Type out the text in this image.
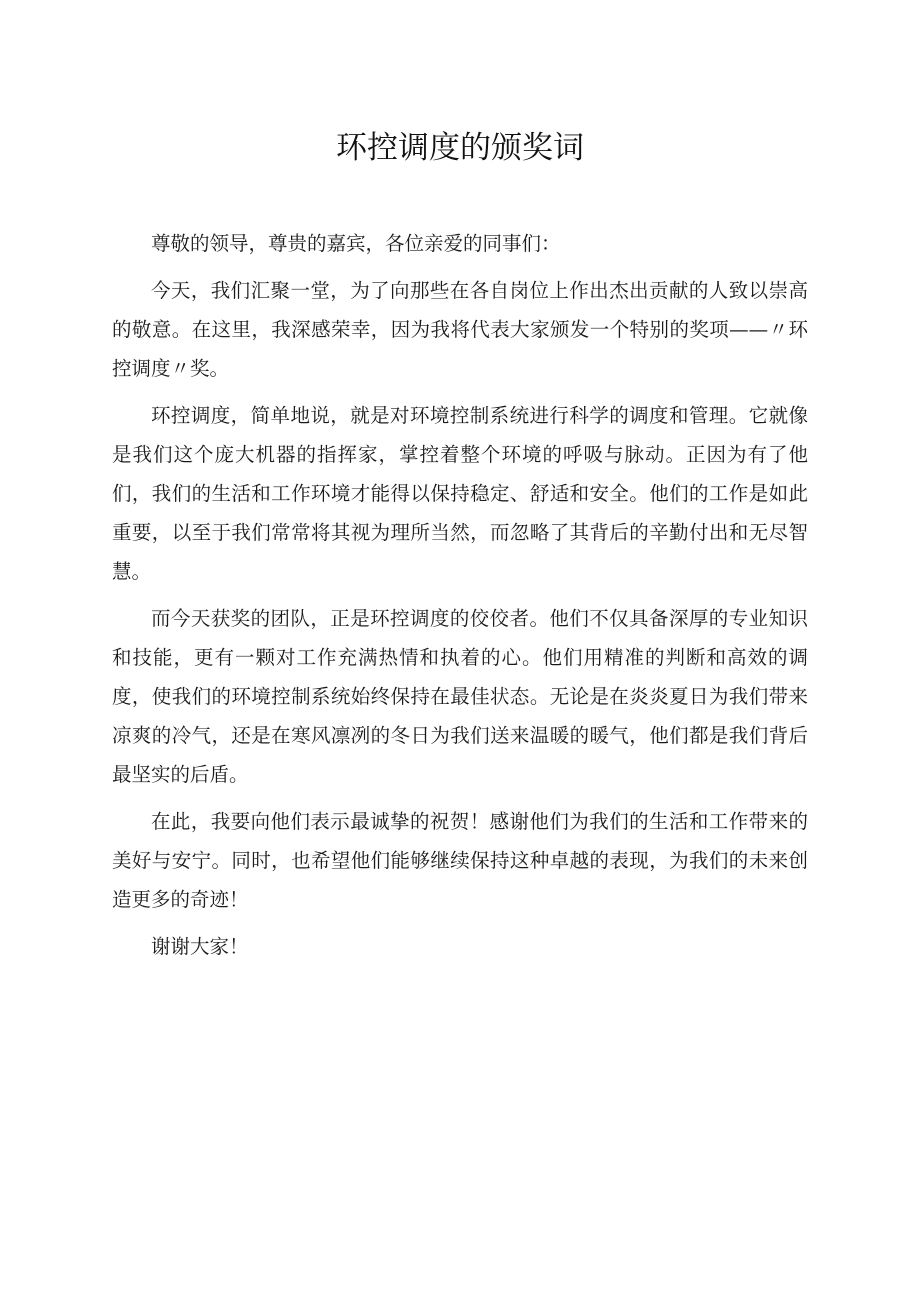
环控调度的颁奖词

尊敬的领导，尊贵的嘉宾，各位亲爱的同事们：

今天，我们汇聚一堂，为了向那些在各自岗位上作出杰出贡献的人致以崇高的敬意。在这里，我深感荣幸，因为我将代表大家颁发一个特别的奖项——〃环控调度〃奖。

环控调度，简单地说，就是对环境控制系统进行科学的调度和管理。它就像是我们这个庞大机器的指挥家，掌控着整个环境的呼吸与脉动。正因为有了他们，我们的生活和工作环境才能得以保持稳定、舒适和安全。他们的工作是如此重要，以至于我们常常将其视为理所当然，而忽略了其背后的辛勤付出和无尽智慧。

而今天获奖的团队，正是环控调度的佼佼者。他们不仅具备深厚的专业知识和技能，更有一颗对工作充满热情和执着的心。他们用精准的判断和高效的调度，使我们的环境控制系统始终保持在最佳状态。无论是在炎炎夏日为我们带来凉爽的冷气，还是在寒风凛冽的冬日为我们送来温暖的暖气，他们都是我们背后最坚实的后盾。

在此，我要向他们表示最诚挚的祝贺！感谢他们为我们的生活和工作带来的美好与安宁。同时，也希望他们能够继续保持这种卓越的表现，为我们的未来创造更多的奇迹！

谢谢大家！
